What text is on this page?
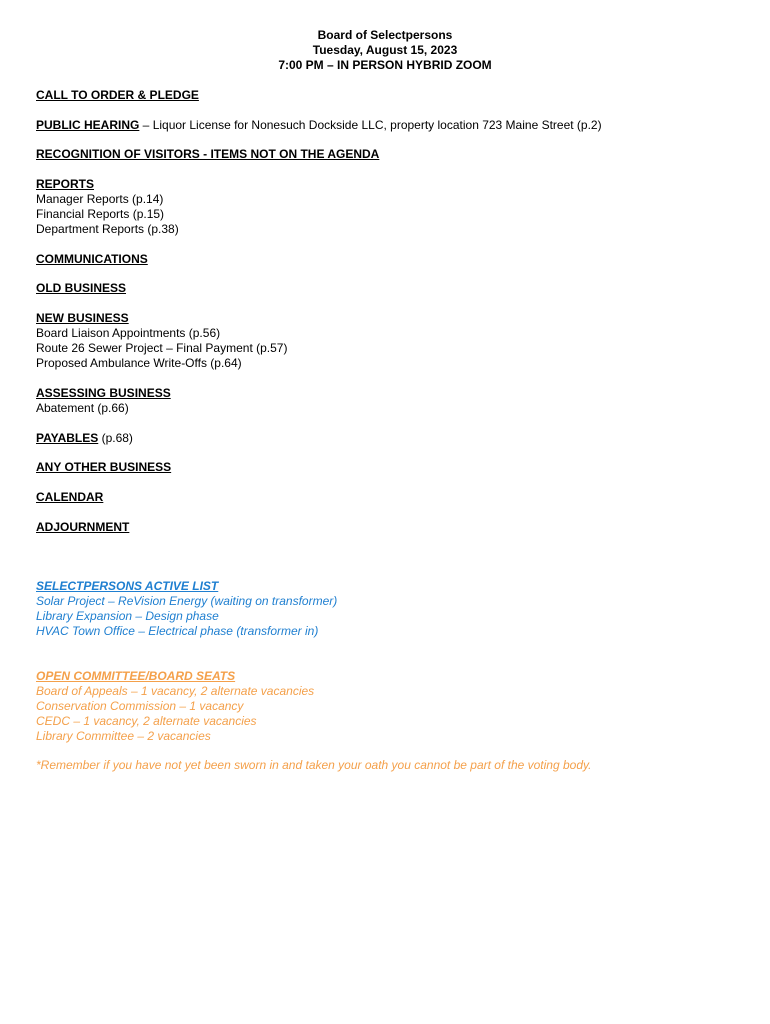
Board of Selectpersons
Tuesday, August 15, 2023
7:00 PM – IN PERSON HYBRID ZOOM
CALL TO ORDER & PLEDGE
PUBLIC HEARING – Liquor License for Nonesuch Dockside LLC, property location 723 Maine Street (p.2)
RECOGNITION OF VISITORS - ITEMS NOT ON THE AGENDA
REPORTS
Manager Reports (p.14)
Financial Reports (p.15)
Department Reports (p.38)
COMMUNICATIONS
OLD BUSINESS
NEW BUSINESS
Board Liaison Appointments (p.56)
Route 26 Sewer Project – Final Payment (p.57)
Proposed Ambulance Write-Offs (p.64)
ASSESSING BUSINESS
Abatement (p.66)
PAYABLES (p.68)
ANY OTHER BUSINESS
CALENDAR
ADJOURNMENT
SELECTPERSONS ACTIVE LIST
Solar Project – ReVision Energy (waiting on transformer)
Library Expansion – Design phase
HVAC Town Office – Electrical phase (transformer in)
OPEN COMMITTEE/BOARD SEATS
Board of Appeals – 1 vacancy, 2 alternate vacancies
Conservation Commission – 1 vacancy
CEDC – 1 vacancy, 2 alternate vacancies
Library Committee – 2 vacancies
*Remember if you have not yet been sworn in and taken your oath you cannot be part of the voting body.
